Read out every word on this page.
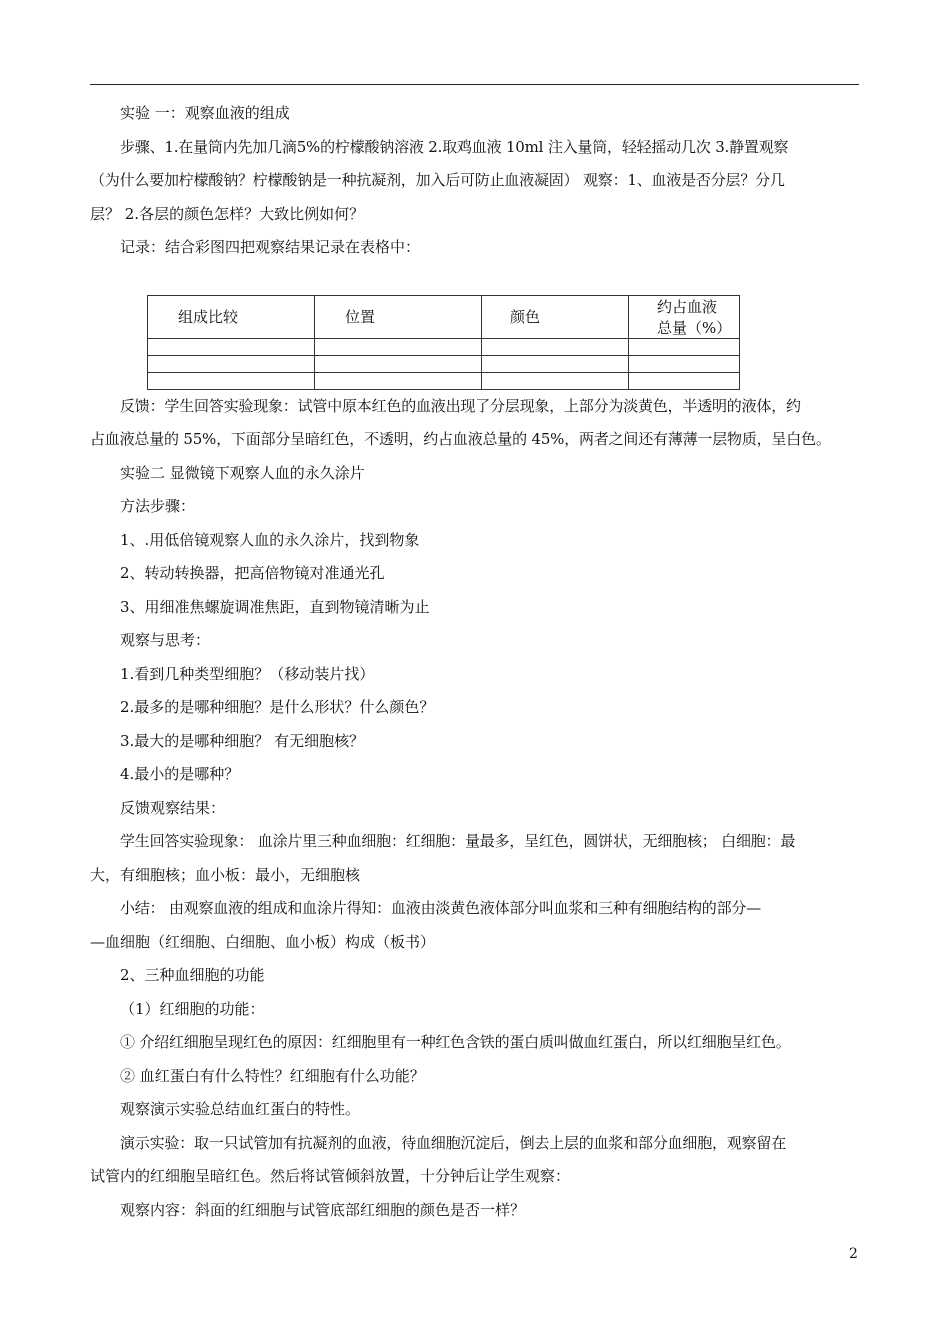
实验 一：观察血液的组成

步骤、1.在量筒内先加几滴5%的柠檬酸钠溶液 2.取鸡血液 10ml 注入量筒，轻轻摇动几次 3.静置观察

（为什么要加柠檬酸钠？柠檬酸钠是一种抗凝剂，加入后可防止血液凝固） 观察：1、血液是否分层？分几

层？ 2.各层的颜色怎样？大致比例如何？

记录：结合彩图四把观察结果记录在表格中：

组成比较	位置	颜色	约占血液总量（%）

反馈：学生回答实验现象：试管中原本红色的血液出现了分层现象，上部分为淡黄色，半透明的液体，约

占血液总量的 55%，下面部分呈暗红色，不透明，约占血液总量的 45%，两者之间还有薄薄一层物质，呈白色。

实验二 显微镜下观察人血的永久涂片

方法步骤：

1、.用低倍镜观察人血的永久涂片，找到物象

2、转动转换器，把高倍物镜对准通光孔

3、用细准焦螺旋调准焦距，直到物镜清晰为止

观察与思考：

1.看到几种类型细胞？（移动装片找）

2.最多的是哪种细胞？是什么形状？什么颜色？

3.最大的是哪种细胞？ 有无细胞核？

4.最小的是哪种？

反馈观察结果：

学生回答实验现象： 血涂片里三种血细胞：红细胞：量最多，呈红色，圆饼状，无细胞核； 白细胞：最

大，有细胞核；血小板：最小，无细胞核

小结： 由观察血液的组成和血涂片得知：血液由淡黄色液体部分叫血浆和三种有细胞结构的部分—

—血细胞（红细胞、白细胞、血小板）构成（板书）

2、三种血细胞的功能

（1）红细胞的功能：

① 介绍红细胞呈现红色的原因：红细胞里有一种红色含铁的蛋白质叫做血红蛋白，所以红细胞呈红色。

② 血红蛋白有什么特性？红细胞有什么功能？

观察演示实验总结血红蛋白的特性。

演示实验：取一只试管加有抗凝剂的血液，待血细胞沉淀后，倒去上层的血浆和部分血细胞，观察留在

试管内的红细胞呈暗红色。然后将试管倾斜放置，十分钟后让学生观察：

观察内容：斜面的红细胞与试管底部红细胞的颜色是否一样？

2
